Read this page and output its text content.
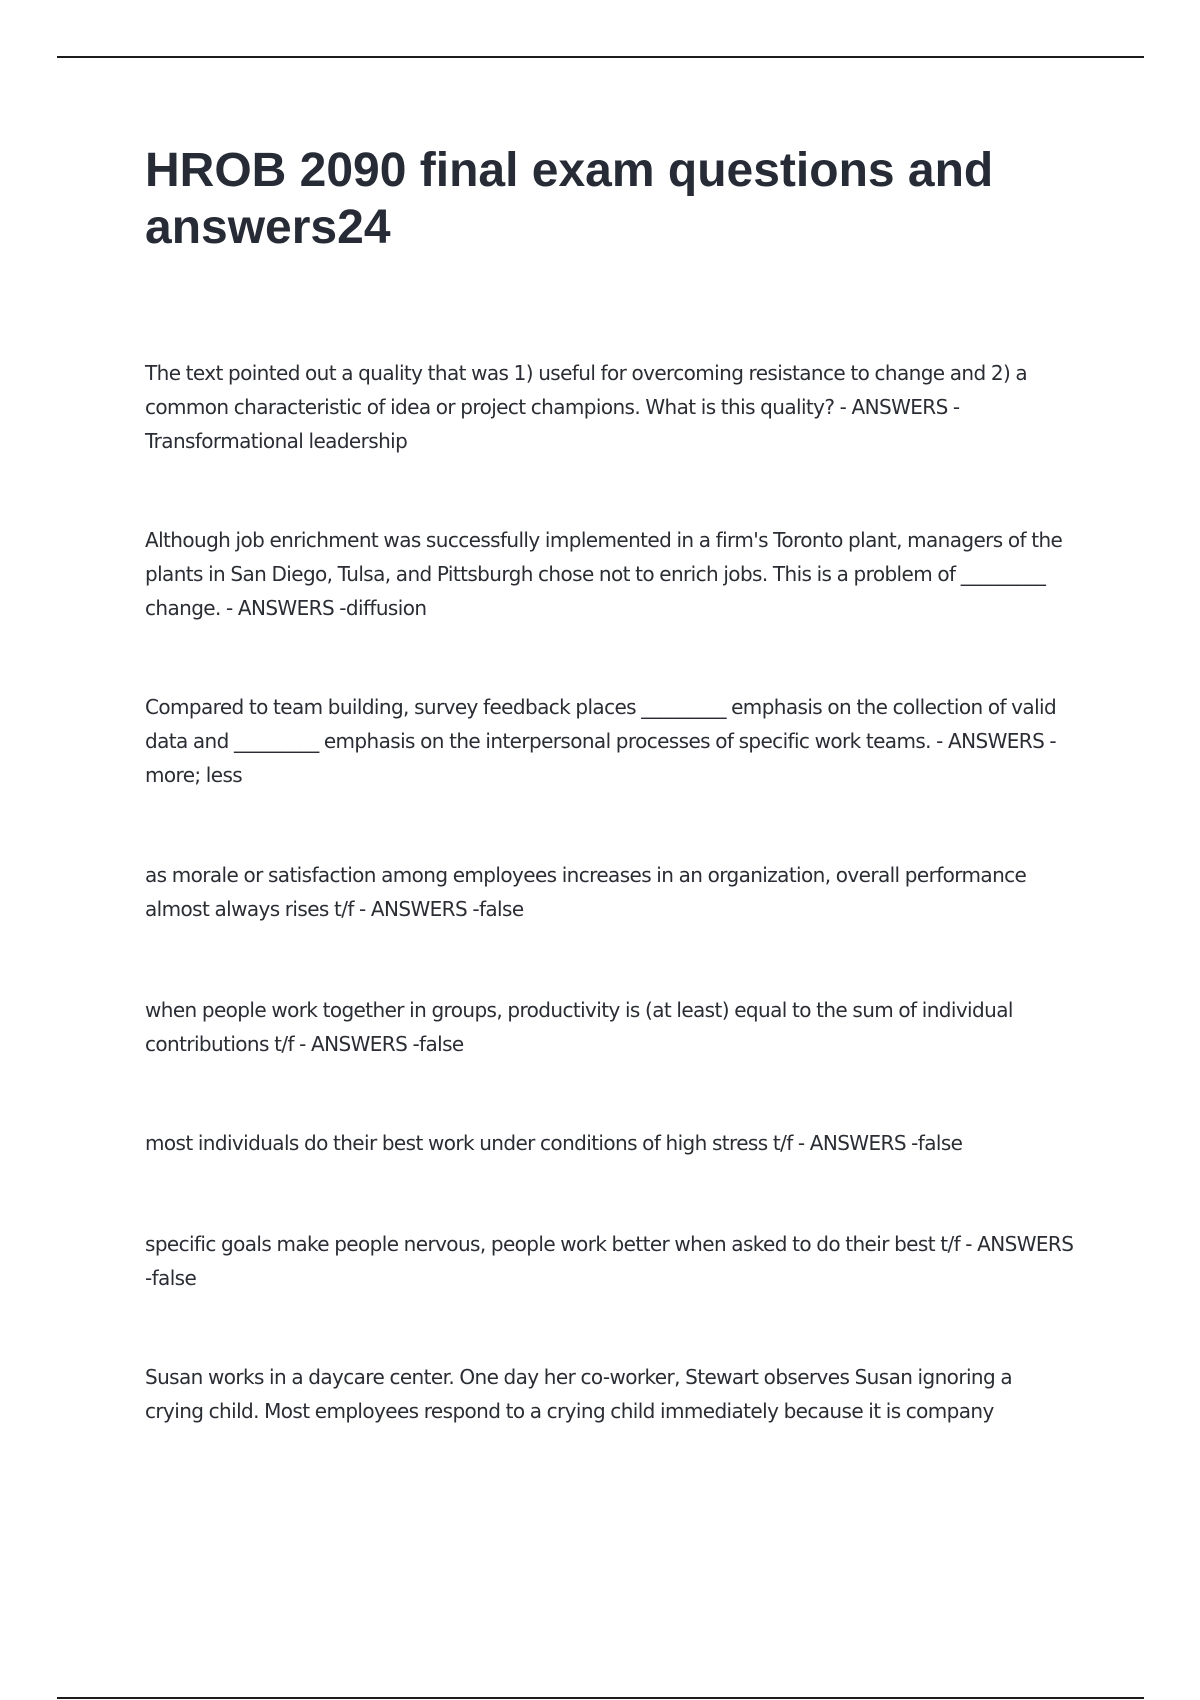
HROB 2090 final exam questions and answers24

The text pointed out a quality that was 1) useful for overcoming resistance to change and 2) a common characteristic of idea or project champions. What is this quality? - ANSWERS -Transformational leadership

Although job enrichment was successfully implemented in a firm's Toronto plant, managers of the plants in San Diego, Tulsa, and Pittsburgh chose not to enrich jobs. This is a problem of _________ change. - ANSWERS -diffusion

Compared to team building, survey feedback places _________ emphasis on the collection of valid data and _________ emphasis on the interpersonal processes of specific work teams. - ANSWERS -more; less

as morale or satisfaction among employees increases in an organization, overall performance almost always rises t/f - ANSWERS -false

when people work together in groups, productivity is (at least) equal to the sum of individual contributions t/f - ANSWERS -false

most individuals do their best work under conditions of high stress t/f - ANSWERS -false

specific goals make people nervous, people work better when asked to do their best t/f - ANSWERS -false

Susan works in a daycare center. One day her co-worker, Stewart observes Susan ignoring a crying child. Most employees respond to a crying child immediately because it is company
